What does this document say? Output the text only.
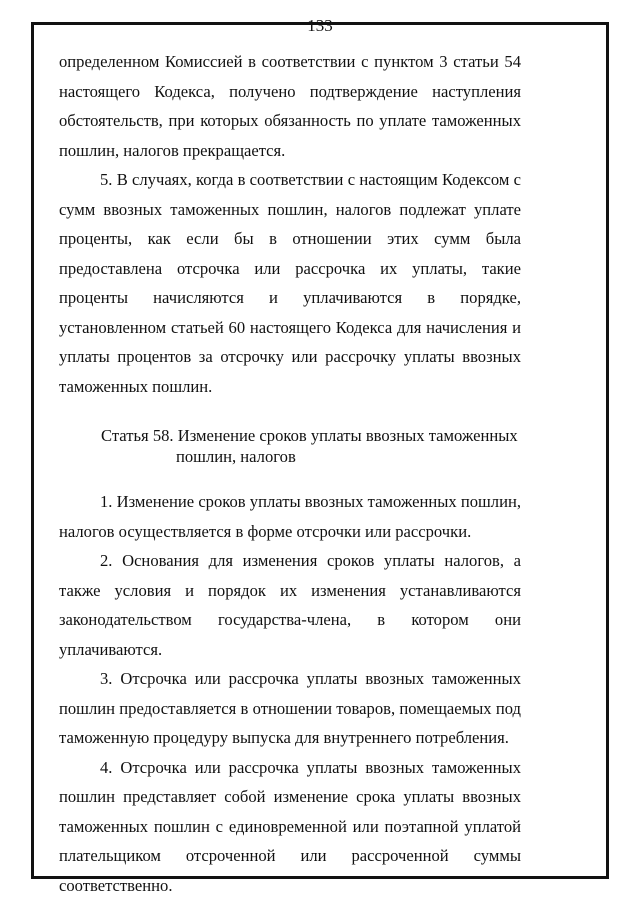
133

определенном Комиссией в соответствии с пунктом 3 статьи 54 настоящего Кодекса, получено подтверждение наступления обстоятельств, при которых обязанность по уплате таможенных пошлин, налогов прекращается.

5. В случаях, когда в соответствии с настоящим Кодексом с сумм ввозных таможенных пошлин, налогов подлежат уплате проценты, как если бы в отношении этих сумм была предоставлена отсрочка или рассрочка их уплаты, такие проценты начисляются и уплачиваются в порядке, установленном статьей 60 настоящего Кодекса для начисления и уплаты процентов за отсрочку или рассрочку уплаты ввозных таможенных пошлин.

Статья 58. Изменение сроков уплаты ввозных таможенных
пошлин, налогов

1. Изменение сроков уплаты ввозных таможенных пошлин, налогов осуществляется в форме отсрочки или рассрочки.

2. Основания для изменения сроков уплаты налогов, а также условия и порядок их изменения устанавливаются законодательством государства-члена, в котором они уплачиваются.

3. Отсрочка или рассрочка уплаты ввозных таможенных пошлин предоставляется в отношении товаров, помещаемых под таможенную процедуру выпуска для внутреннего потребления.

4. Отсрочка или рассрочка уплаты ввозных таможенных пошлин представляет собой изменение срока уплаты ввозных таможенных пошлин с единовременной или поэтапной уплатой плательщиком отсроченной или рассроченной суммы соответственно.
